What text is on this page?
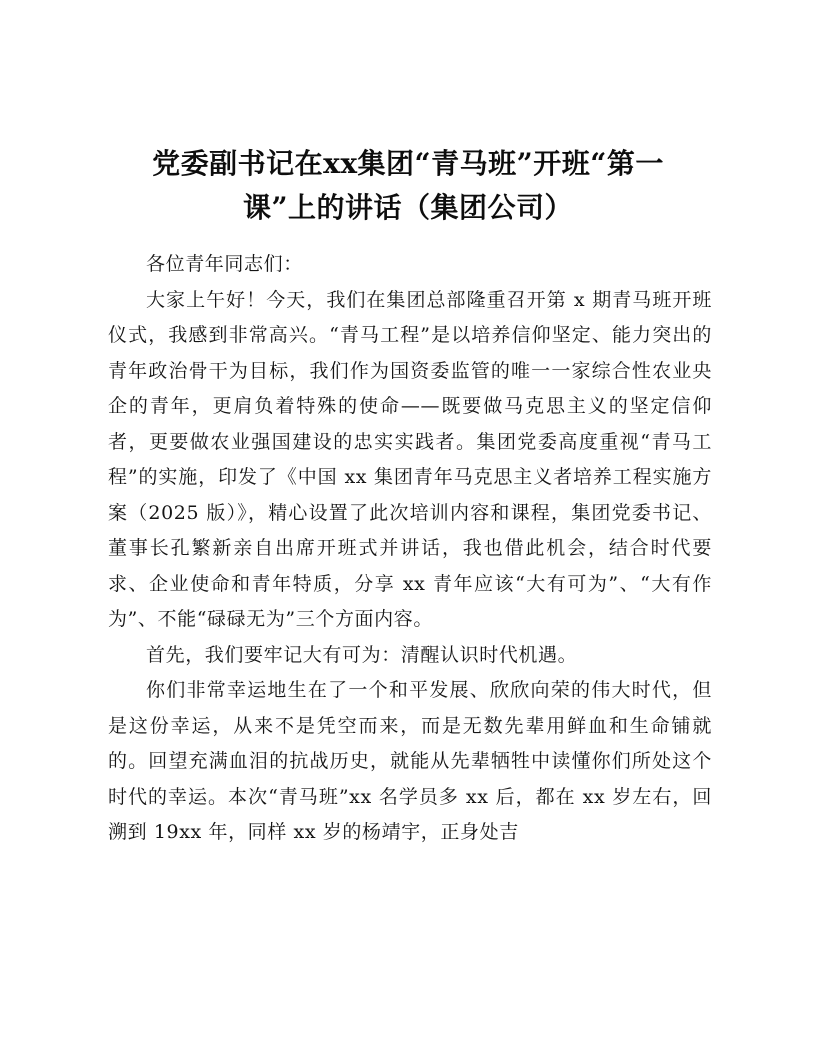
党委副书记在xx集团“青马班”开班“第一
课”上的讲话（集团公司）

各位青年同志们：

大家上午好！今天，我们在集团总部隆重召开第 x 期青马班开班仪式，我感到非常高兴。“青马工程”是以培养信仰坚定、能力突出的青年政治骨干为目标，我们作为国资委监管的唯一一家综合性农业央企的青年，更肩负着特殊的使命——既要做马克思主义的坚定信仰者，更要做农业强国建设的忠实实践者。集团党委高度重视“青马工程”的实施，印发了《中国 xx 集团青年马克思主义者培养工程实施方案（2025 版）》，精心设置了此次培训内容和课程，集团党委书记、董事长孔繁新亲自出席开班式并讲话，我也借此机会，结合时代要求、企业使命和青年特质，分享 xx 青年应该“大有可为”、“大有作为”、不能“碌碌无为”三个方面内容。

首先，我们要牢记大有可为：清醒认识时代机遇。

你们非常幸运地生在了一个和平发展、欣欣向荣的伟大时代，但是这份幸运，从来不是凭空而来，而是无数先辈用鲜血和生命铺就的。回望充满血泪的抗战历史，就能从先辈牺牲中读懂你们所处这个时代的幸运。本次“青马班”xx 名学员多 xx 后，都在 xx 岁左右，回溯到 19xx 年，同样 xx 岁的杨靖宇，正身处吉
